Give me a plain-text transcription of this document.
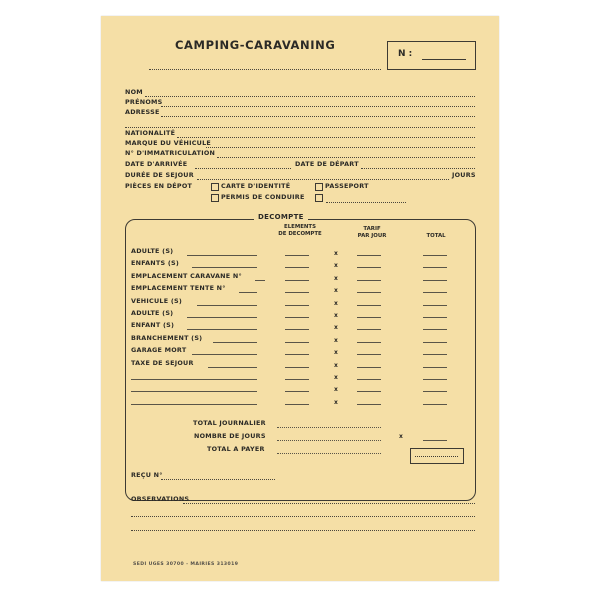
CAMPING-CARAVANING
N :
NOM
PRÉNOMS
ADRESSE
NATIONALITÉ
MARQUE DU VÉHICULE
N° D'IMMATRICULATION
DATE D'ARRIVÉE	DATE DE DÉPART
DURÉE DE SEJOUR	JOURS
PIÈCES EN DÉPOT	CARTE D'IDENTITÉ	PASSEPORT
PERMIS DE CONDUIRE
DECOMPTE
ELEMENTS
DE DECOMPTE
TARIF
PAR JOUR	TOTAL
ADULTE (S)	x
ENFANTS (S)	x
EMPLACEMENT CARAVANE N°	x
EMPLACEMENT TENTE N°	x
VEHICULE (S)	x
ADULTE (S)	x
ENFANT (S)	x
BRANCHEMENT (S)	x
GARAGE MORT	x
TAXE DE SEJOUR	x
x
x
x
TOTAL JOURNALIER
NOMBRE DE JOURS	x
TOTAL A PAYER
REÇU N°
OBSERVATIONS
SEDI UGES 30700 - MAIRIES 313019
